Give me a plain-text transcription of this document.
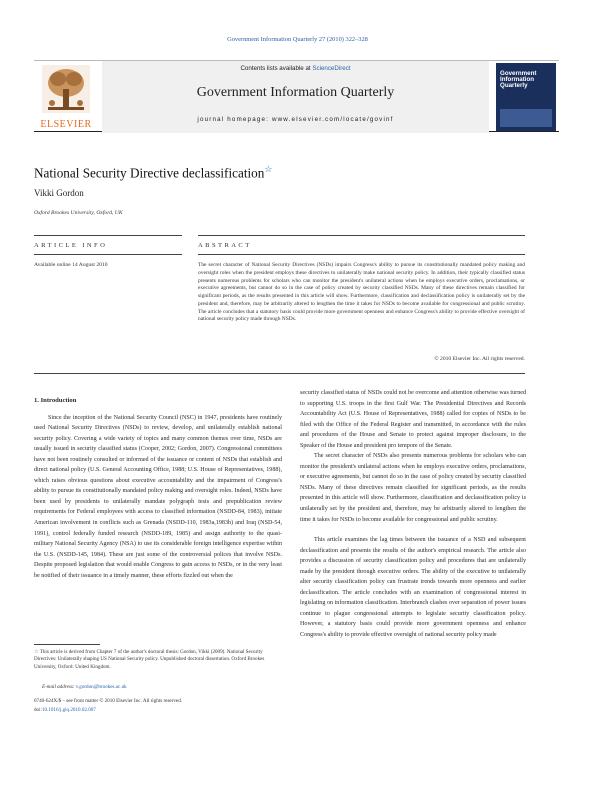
Government Information Quarterly 27 (2010) 322–328
Contents lists available at ScienceDirect
Government Information Quarterly
journal homepage: www.elsevier.com/locate/govinf
ELSEVIER
Government Information Quarterly
National Security Directive declassification☆
Vikki Gordon
Oxford Brookes University, Oxford, UK
ARTICLE INFO	ABSTRACT
Available online 14 August 2010	The secret character of National Security Directives (NSDs) impairs Congress's ability to pursue its constitutionally mandated policy making and oversight roles when the president employs these directives to unilaterally make national security policy. In addition, their typically classified status presents numerous problems for scholars who can monitor the president's unilateral actions when he employs executive orders, proclamations, or executive agreements, but cannot do so in the case of policy created by security classified NSDs. Many of these directives remain classified for significant periods, as the results presented in this article will show. Furthermore, classification and declassification policy is unilaterally set by the president and, therefore, may be arbitrarily altered to lengthen the time it takes for NSDs to become available for congressional and public scrutiny. The article concludes that a statutory basis could provide more government openness and enhance Congress's ability to provide effective oversight of national security policy made through NSDs.
© 2010 Elsevier Inc. All rights reserved.
1. Introduction

Since the inception of the National Security Council (NSC) in 1947, presidents have routinely used National Security Directives (NSDs) to review, develop, and unilaterally establish national security policy. Covering a wide variety of topics and many common themes over time, NSDs are usually issued in security classified status (Cooper, 2002; Gordon, 2007). Congressional committees have not been routinely consulted or informed of the issuance or content of NSDs that establish and direct national policy (U.S. General Accounting Office, 1988; U.S. House of Representatives, 1988), which raises obvious questions about executive accountability and the impairment of Congress's ability to pursue its constitutionally mandated policy making and oversight roles. Indeed, NSDs have been used by presidents to unilaterally mandate polygraph tests and prepublication review requirements for Federal employees with access to classified information (NSDD-84, 1983), initiate American involvement in conflicts such as Grenada (NSDD-110, 1983a,1983b) and Iraq (NSD-54, 1991), control federally funded research (NSDD-189, 1985) and assign authority to the quasi-military National Security Agency (NSA) to use its considerable foreign intelligence expertise within the U.S. (NSDD-145, 1984). These are just some of the controversial polices that involve NSDs. Despite proposed legislation that would enable Congress to gain access to NSDs, or in the very least be notified of their issuance in a timely manner, these efforts fizzled out when the

security classified status of NSDs could not be overcome and attention otherwise was turned to supporting U.S. troops in the first Gulf War. The Presidential Directives and Records Accountability Act (U.S. House of Representatives, 1988) called for copies of NSDs to be filed with the Office of the Federal Register and transmitted, in accordance with the rules and procedures of the House and Senate to protect against improper disclosure, to the Speaker of the House and president pro tempore of the Senate.

The secret character of NSDs also presents numerous problems for scholars who can monitor the president's unilateral actions when he employs executive orders, proclamations, or executive agreements, but cannot do so in the case of policy created by security classified NSDs. Many of these directives remain classified for significant periods, as the results presented in this article will show. Furthermore, classification and declassification policy is unilaterally set by the president and, therefore, may be arbitrarily altered to lengthen the time it takes for NSDs to become available for congressional and public scrutiny.

This article examines the lag times between the issuance of a NSD and subsequent declassification and presents the results of the author's empirical research. The article also provides a discussion of security classification policy and procedures that are unilaterally made by the president through executive orders. The ability of the executive to unilaterally alter security classification policy can frustrate trends towards more openness and earlier declassification. The article concludes with an examination of congressional interest in legislating on information classification. Interbranch clashes over separation of power issues continue to plague congressional attempts to legislate security classification policy. However, a statutory basis could provide more government openness and enhance Congress's ability to provide effective oversight of national security policy made

☆ This article is derived from Chapter 7 of the author's doctoral thesis: Gordon, Vikki (2009). National Security Directives: Unilaterally shaping US National Security policy. Unpublished doctoral dissertation. Oxford Brookes University, Oxford: United Kingdom.
E-mail address: v.gordon@brookes.ac.uk
0740-624X/$ – see front matter © 2010 Elsevier Inc. All rights reserved.
doi:10.1016/j.giq.2010.02.007
